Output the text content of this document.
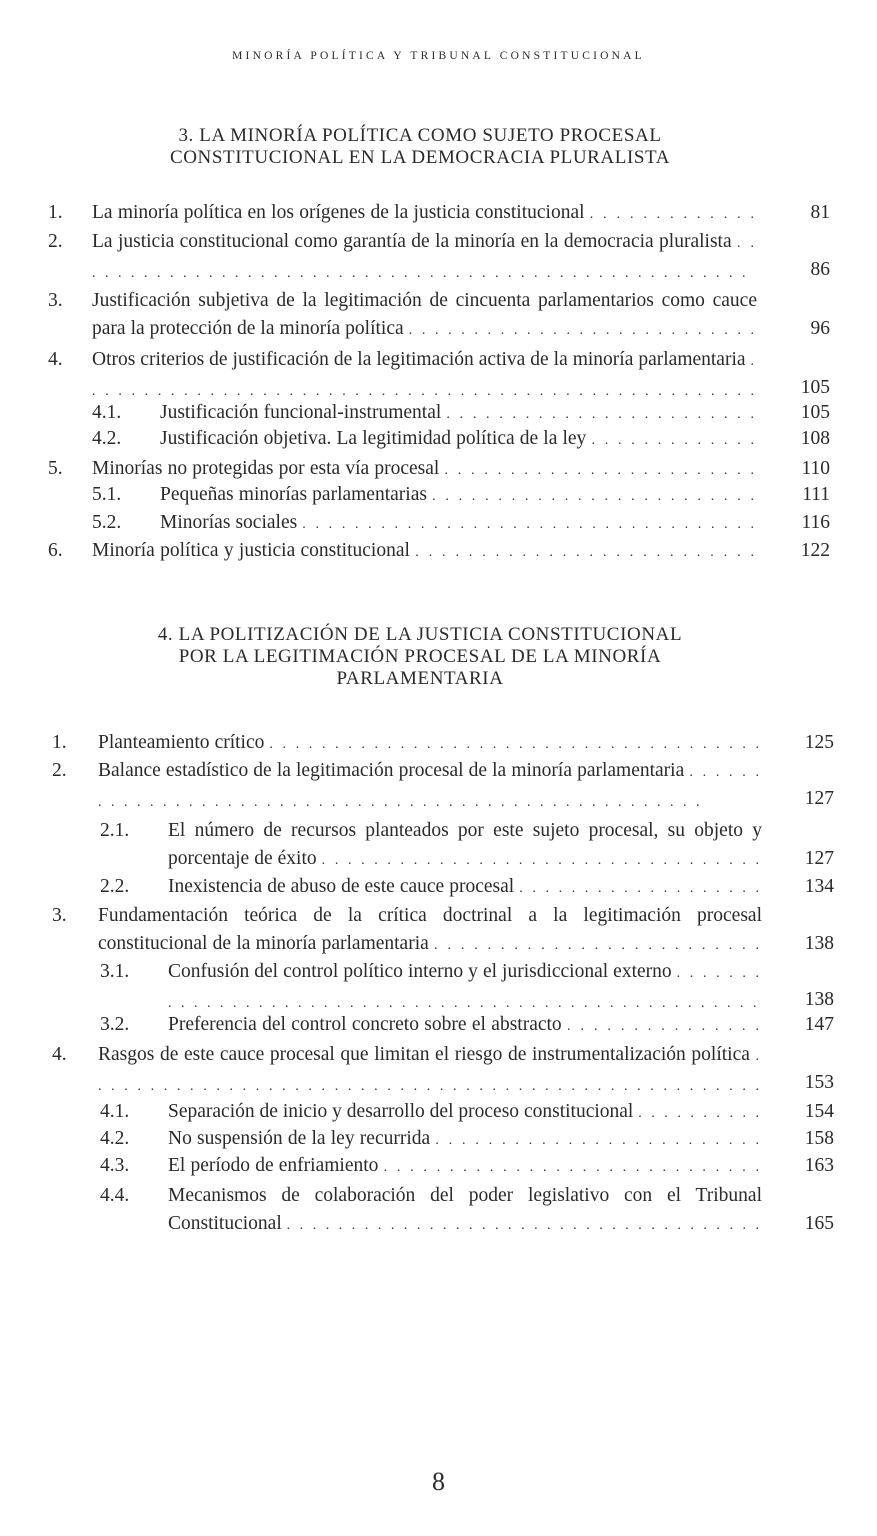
MINORÍA POLÍTICA Y TRIBUNAL CONSTITUCIONAL
3. LA MINORÍA POLÍTICA COMO SUJETO PROCESAL
CONSTITUCIONAL EN LA DEMOCRACIA PLURALISTA
1. La minoría política en los orígenes de la justicia constitucional . . . . . . . . . . . . .	81
2. La justicia constitucional como garantía de la minoría en la democracia pluralista . . . . . . . . . . . . . . . . . . . . . . . . . . . . . . . . . . . . . . . . . . . . . . . . . . . . .	86
3. Justificación subjetiva de la legitimación de cincuenta parlamentarios como cauce para la protección de la minoría política . . . . . . . . . . . . . . . . . . . . . . . . . . .	96
4. Otros criterios de justificación de la legitimación activa de la minoría parlamentaria . . . . . . . . . . . . . . . . . . . . . . . . . . . . . . . . . . . . . . . . . . . . . . . . . . . . 105
4.1. Justificación funcional-instrumental . . . . . . . . . . . . . . . . . . . . . . . . 105
4.2. Justificación objetiva. La legitimidad política de la ley . . . . . . . . . . . . . 108
5. Minorías no protegidas por esta vía procesal . . . . . . . . . . . . . . . . . . . . . . . . 110
5.1. Pequeñas minorías parlamentarias . . . . . . . . . . . . . . . . . . . . . . . . . 111
5.2. Minorías sociales . . . . . . . . . . . . . . . . . . . . . . . . . . . . . . . . . . . 116
6. Minoría política y justicia constitucional . . . . . . . . . . . . . . . . . . . . . . . . . . 122
4. LA POLITIZACIÓN DE LA JUSTICIA CONSTITUCIONAL
POR LA LEGITIMACIÓN PROCESAL DE LA MINORÍA
PARLAMENTARIA
1. Planteamiento crítico . . . . . . . . . . . . . . . . . . . . . . . . . . . . . . . . . . . . . . 125
2. Balance estadístico de la legitimación procesal de la minoría parlamentaria . . . . . . . . . . . . . . . . . . . . . . . . . . . . . . . . . . . . . . . . . . . . . . . . . . . . .	127
2.1. El número de recursos planteados por este sujeto procesal, su objeto y porcentaje de éxito . . . . . . . . . . . . . . . . . . . . . . . . . . . . . . . . . . 127
2.2. Inexistencia de abuso de este cauce procesal . . . . . . . . . . . . . . . . . . . 134
3. Fundamentación teórica de la crítica doctrinal a la legitimación procesal constitucional de la minoría parlamentaria . . . . . . . . . . . . . . . . . . . . . . . . . 138
3.1. Confusión del control político interno y el jurisdiccional externo . . . . . . . . . . . . . . . . . . . . . . . . . . . . . . . . . . . . . . . . . . . . . . . . . . . . . 138
3.2. Preferencia del control concreto sobre el abstracto . . . . . . . . . . . . . . . 147
4. Rasgos de este cauce procesal que limitan el riesgo de instrumentalización política . . . . . . . . . . . . . . . . . . . . . . . . . . . . . . . . . . . . . . . . . . . . . . . . . . . . 153
4.1. Separación de inicio y desarrollo del proceso constitucional . . . . . . . . . . 154
4.2. No suspensión de la ley recurrida . . . . . . . . . . . . . . . . . . . . . . . . . 158
4.3. El período de enfriamiento . . . . . . . . . . . . . . . . . . . . . . . . . . . . . 163
4.4. Mecanismos de colaboración del poder legislativo con el Tribunal Constitucional . . . . . . . . . . . . . . . . . . . . . . . . . . . . . . . . . . . . . 165
8
